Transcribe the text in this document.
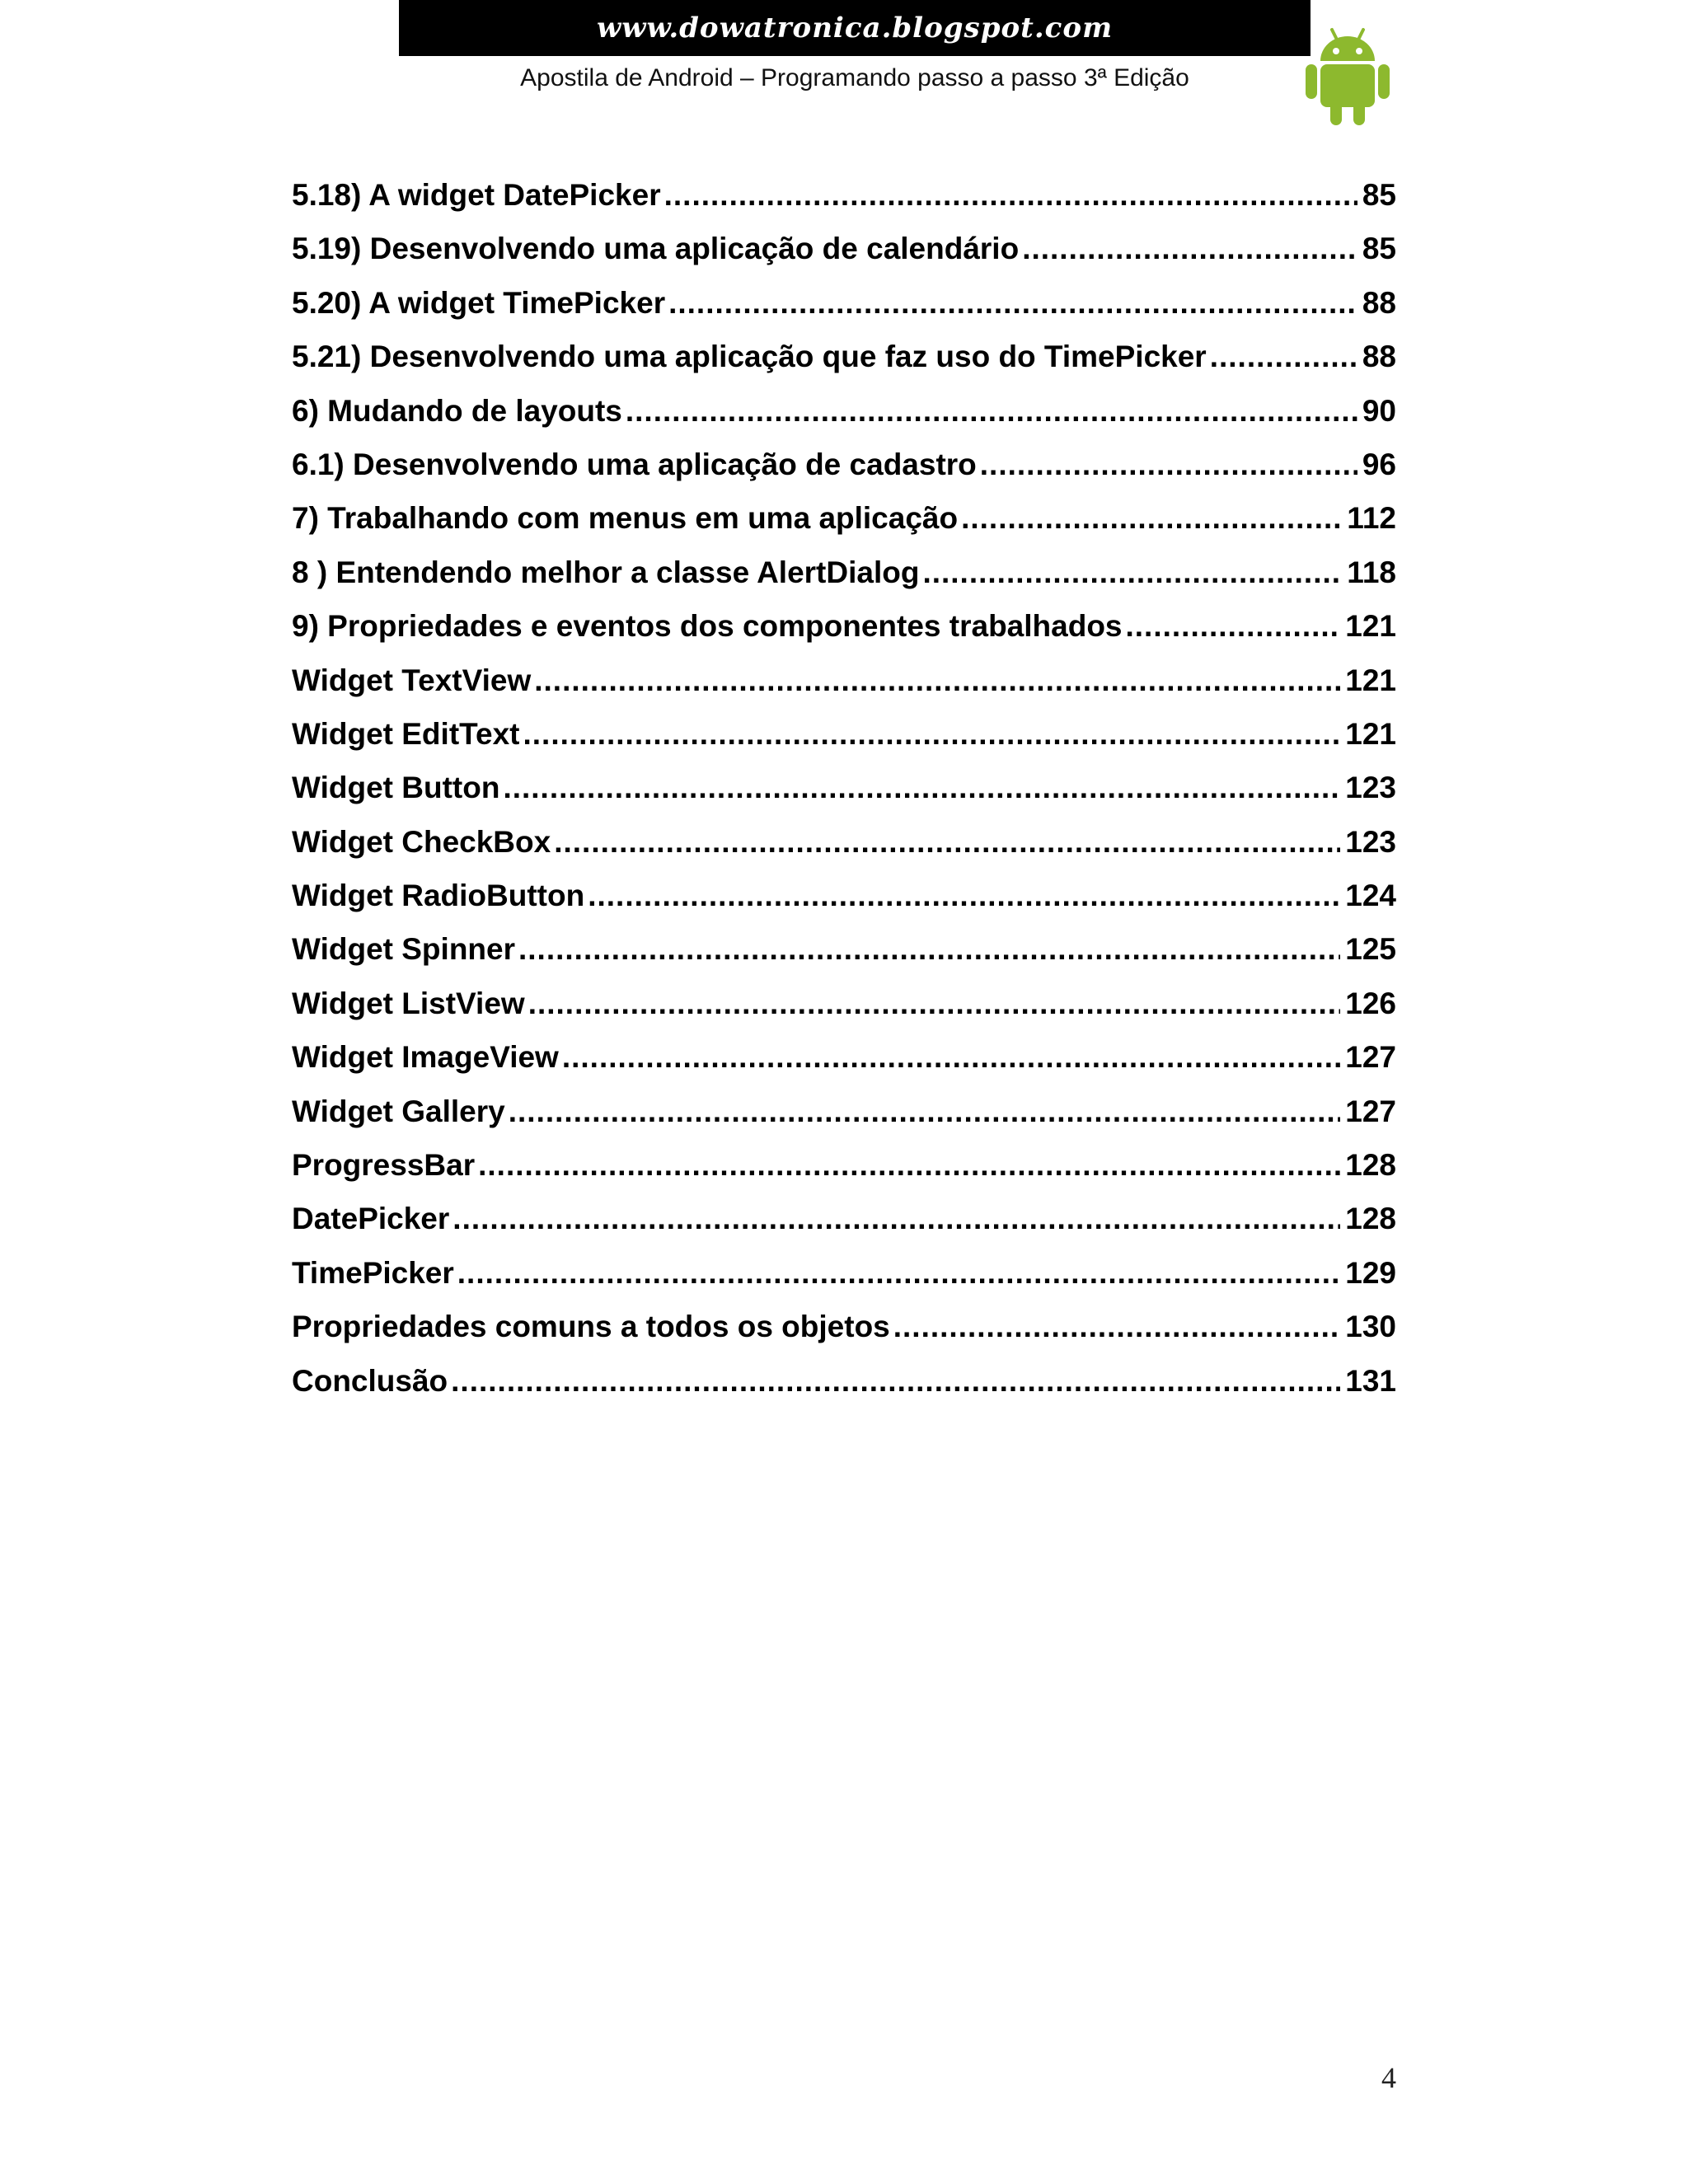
www.dowatronica.blogspot.com
Apostila de Android – Programando passo a passo 3ª Edição
5.18) A widget DatePicker .....	85
5.19) Desenvolvendo uma aplicação de calendário .....	85
5.20) A widget TimePicker .....	88
5.21) Desenvolvendo uma aplicação que faz uso do TimePicker .....	88
6) Mudando de layouts .....	90
6.1) Desenvolvendo uma aplicação de cadastro .....	96
7) Trabalhando com menus em uma aplicação .....	112
8 ) Entendendo melhor a classe AlertDialog .....	118
9) Propriedades e eventos dos componentes trabalhados .....	121
Widget TextView .....	121
Widget EditText .....	121
Widget Button .....	123
Widget CheckBox .....	123
Widget RadioButton .....	124
Widget Spinner .....	125
Widget ListView .....	126
Widget ImageView .....	127
Widget Gallery .....	127
ProgressBar .....	128
DatePicker .....	128
TimePicker .....	129
Propriedades comuns a todos os objetos .....	130
Conclusão .....	131
4
